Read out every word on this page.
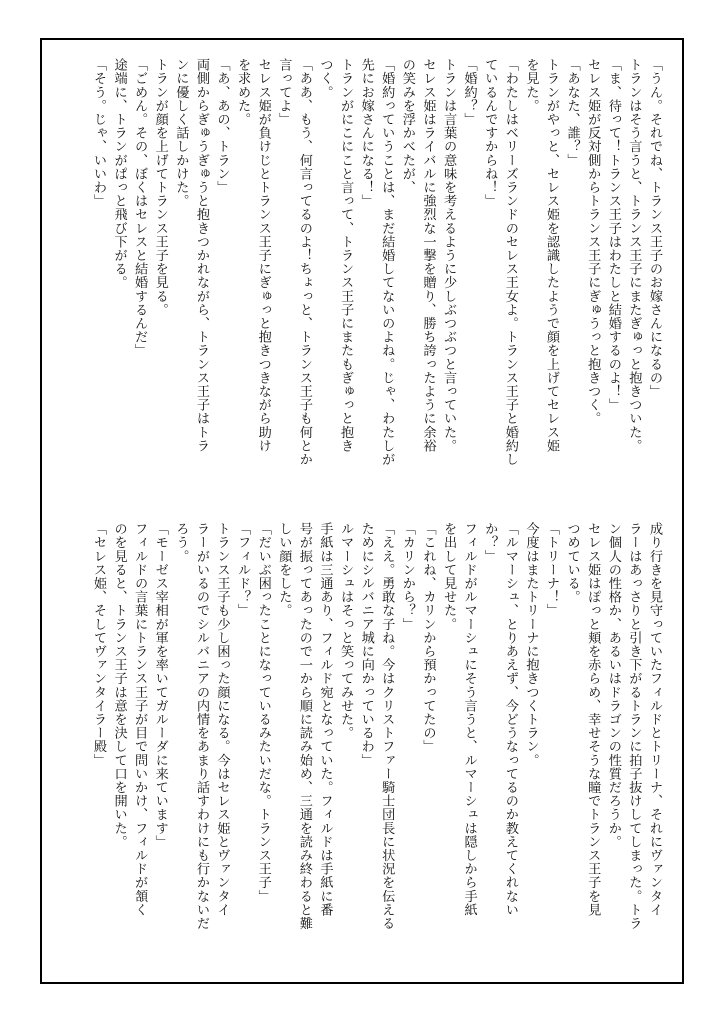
「うん。それでね、トランス王子のお嫁さんになるの」
トランはそう言うと、トランス王子にまたぎゅっと抱きついた。
「ま、待って！トランス王子はわたしと結婚するのよ！」
セレス姫が反対側からトランス王子にぎゅうっと抱きつく。
「あなた、誰？」
トランがやっと、セレス姫を認識したようで顔を上げてセレス姫
を見た。
「わたしはベリーズランドのセレス王女よ。トランス王子と婚約し
ているんですからね！」
「婚約？」
トランは言葉の意味を考えるように少しぶつぶつと言っていた。
セレス姫はライバルに強烈な一撃を贈り、勝ち誇ったように余裕
の笑みを浮かべたが、
「婚約っていうことは、まだ結婚してないのよね。じゃ、わたしが
先にお嫁さんになる！」
トランがにこにこと言って、トランス王子にまたもぎゅっと抱き
つく。
「ああ、もう、何言ってるのよ！ちょっと、トランス王子も何とか
言ってよ」
セレス姫が負けじとトランス王子にぎゅっと抱きつきながら助け
を求めた。
「あ、あの、トラン」
両側からぎゅうぎゅうと抱きつかれながら、トランス王子はトラ
ンに優しく話しかけた。
トランが顔を上げてトランス王子を見る。
「ごめん。その、ぼくはセレスと結婚するんだ」
途端に、トランがぱっと飛び下がる。
「そう。じゃ、いいわ」
成り行きを見守っていたフィルドとトリーナ、それにヴァンタイ
ラーはあっさりと引き下がるトランに拍子抜けしてしまった。トラ
ン個人の性格か、あるいはドラゴンの性質だろうか。
セレス姫はぽっと頬を赤らめ、幸せそうな瞳でトランス王子を見
つめている。
「トリーナ！」
今度はまたトリーナに抱きつくトラン。
「ルマーシュ、とりあえず、今どうなってるのか教えてくれない
か？」
フィルドがルマーシュにそう言うと、ルマーシュは隠しから手紙
を出して見せた。
「これね、カリンから預かってたの」
「カリンから？」
「ええ。勇敢な子ね。今はクリストファー騎士団長に状況を伝える
ためにシルバニア城に向かっているわ」
ルマーシュはそっと笑ってみせた。
手紙は三通あり、フィルド宛となっていた。フィルドは手紙に番
号が振ってあったので一から順に読み始め、三通を読み終わると難
しい顔をした。
「だいぶ困ったことになっているみたいだな。トランス王子」
「フィルド？」
トランス王子も少し困った顔になる。今はセレス姫とヴァンタイ
ラーがいるのでシルバニアの内情をあまり話すわけにも行かないだ
ろう。
「モーゼス宰相が軍を率いてガルーダに来ています」
フィルドの言葉にトランス王子が目で問いかけ、フィルドが頷く
のを見ると、トランス王子は意を決して口を開いた。
「セレス姫、そしてヴァンタイラー殿」
